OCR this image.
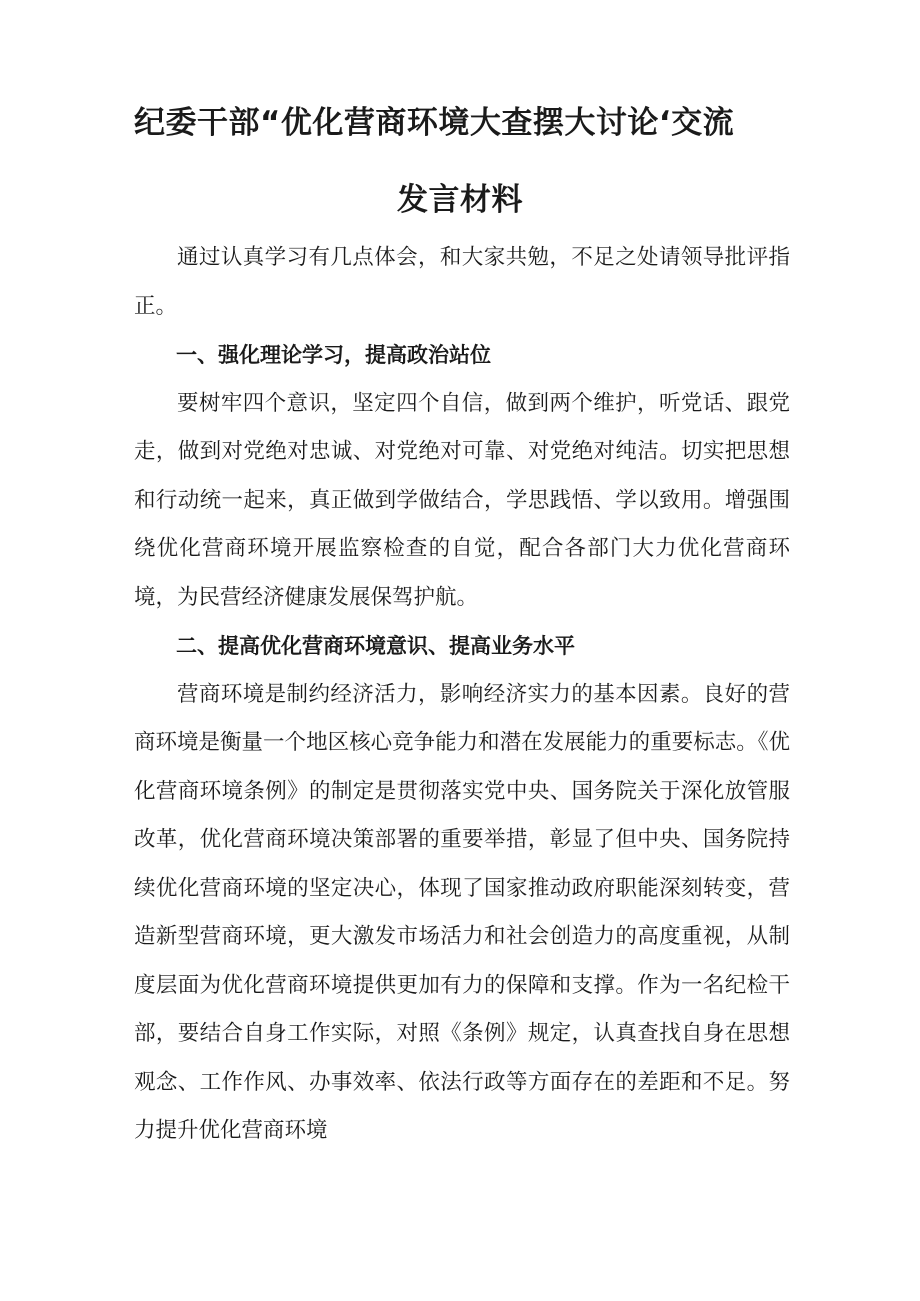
纪委干部“优化营商环境大查摆大讨论‘交流
发言材料

通过认真学习有几点体会，和大家共勉，不足之处请领导批评指正。

一、强化理论学习，提高政治站位

要树牢四个意识，坚定四个自信，做到两个维护，听党话、跟党走，做到对党绝对忠诚、对党绝对可靠、对党绝对纯洁。切实把思想和行动统一起来，真正做到学做结合，学思践悟、学以致用。增强围绕优化营商环境开展监察检查的自觉，配合各部门大力优化营商环境，为民营经济健康发展保驾护航。

二、提高优化营商环境意识、提高业务水平

营商环境是制约经济活力，影响经济实力的基本因素。良好的营商环境是衡量一个地区核心竞争能力和潜在发展能力的重要标志。《优化营商环境条例》的制定是贯彻落实党中央、国务院关于深化放管服改革，优化营商环境决策部署的重要举措，彰显了但中央、国务院持续优化营商环境的坚定决心，体现了国家推动政府职能深刻转变，营造新型营商环境，更大激发市场活力和社会创造力的高度重视，从制度层面为优化营商环境提供更加有力的保障和支撑。作为一名纪检干部，要结合自身工作实际，对照《条例》规定，认真查找自身在思想观念、工作作风、办事效率、依法行政等方面存在的差距和不足。努力提升优化营商环境
